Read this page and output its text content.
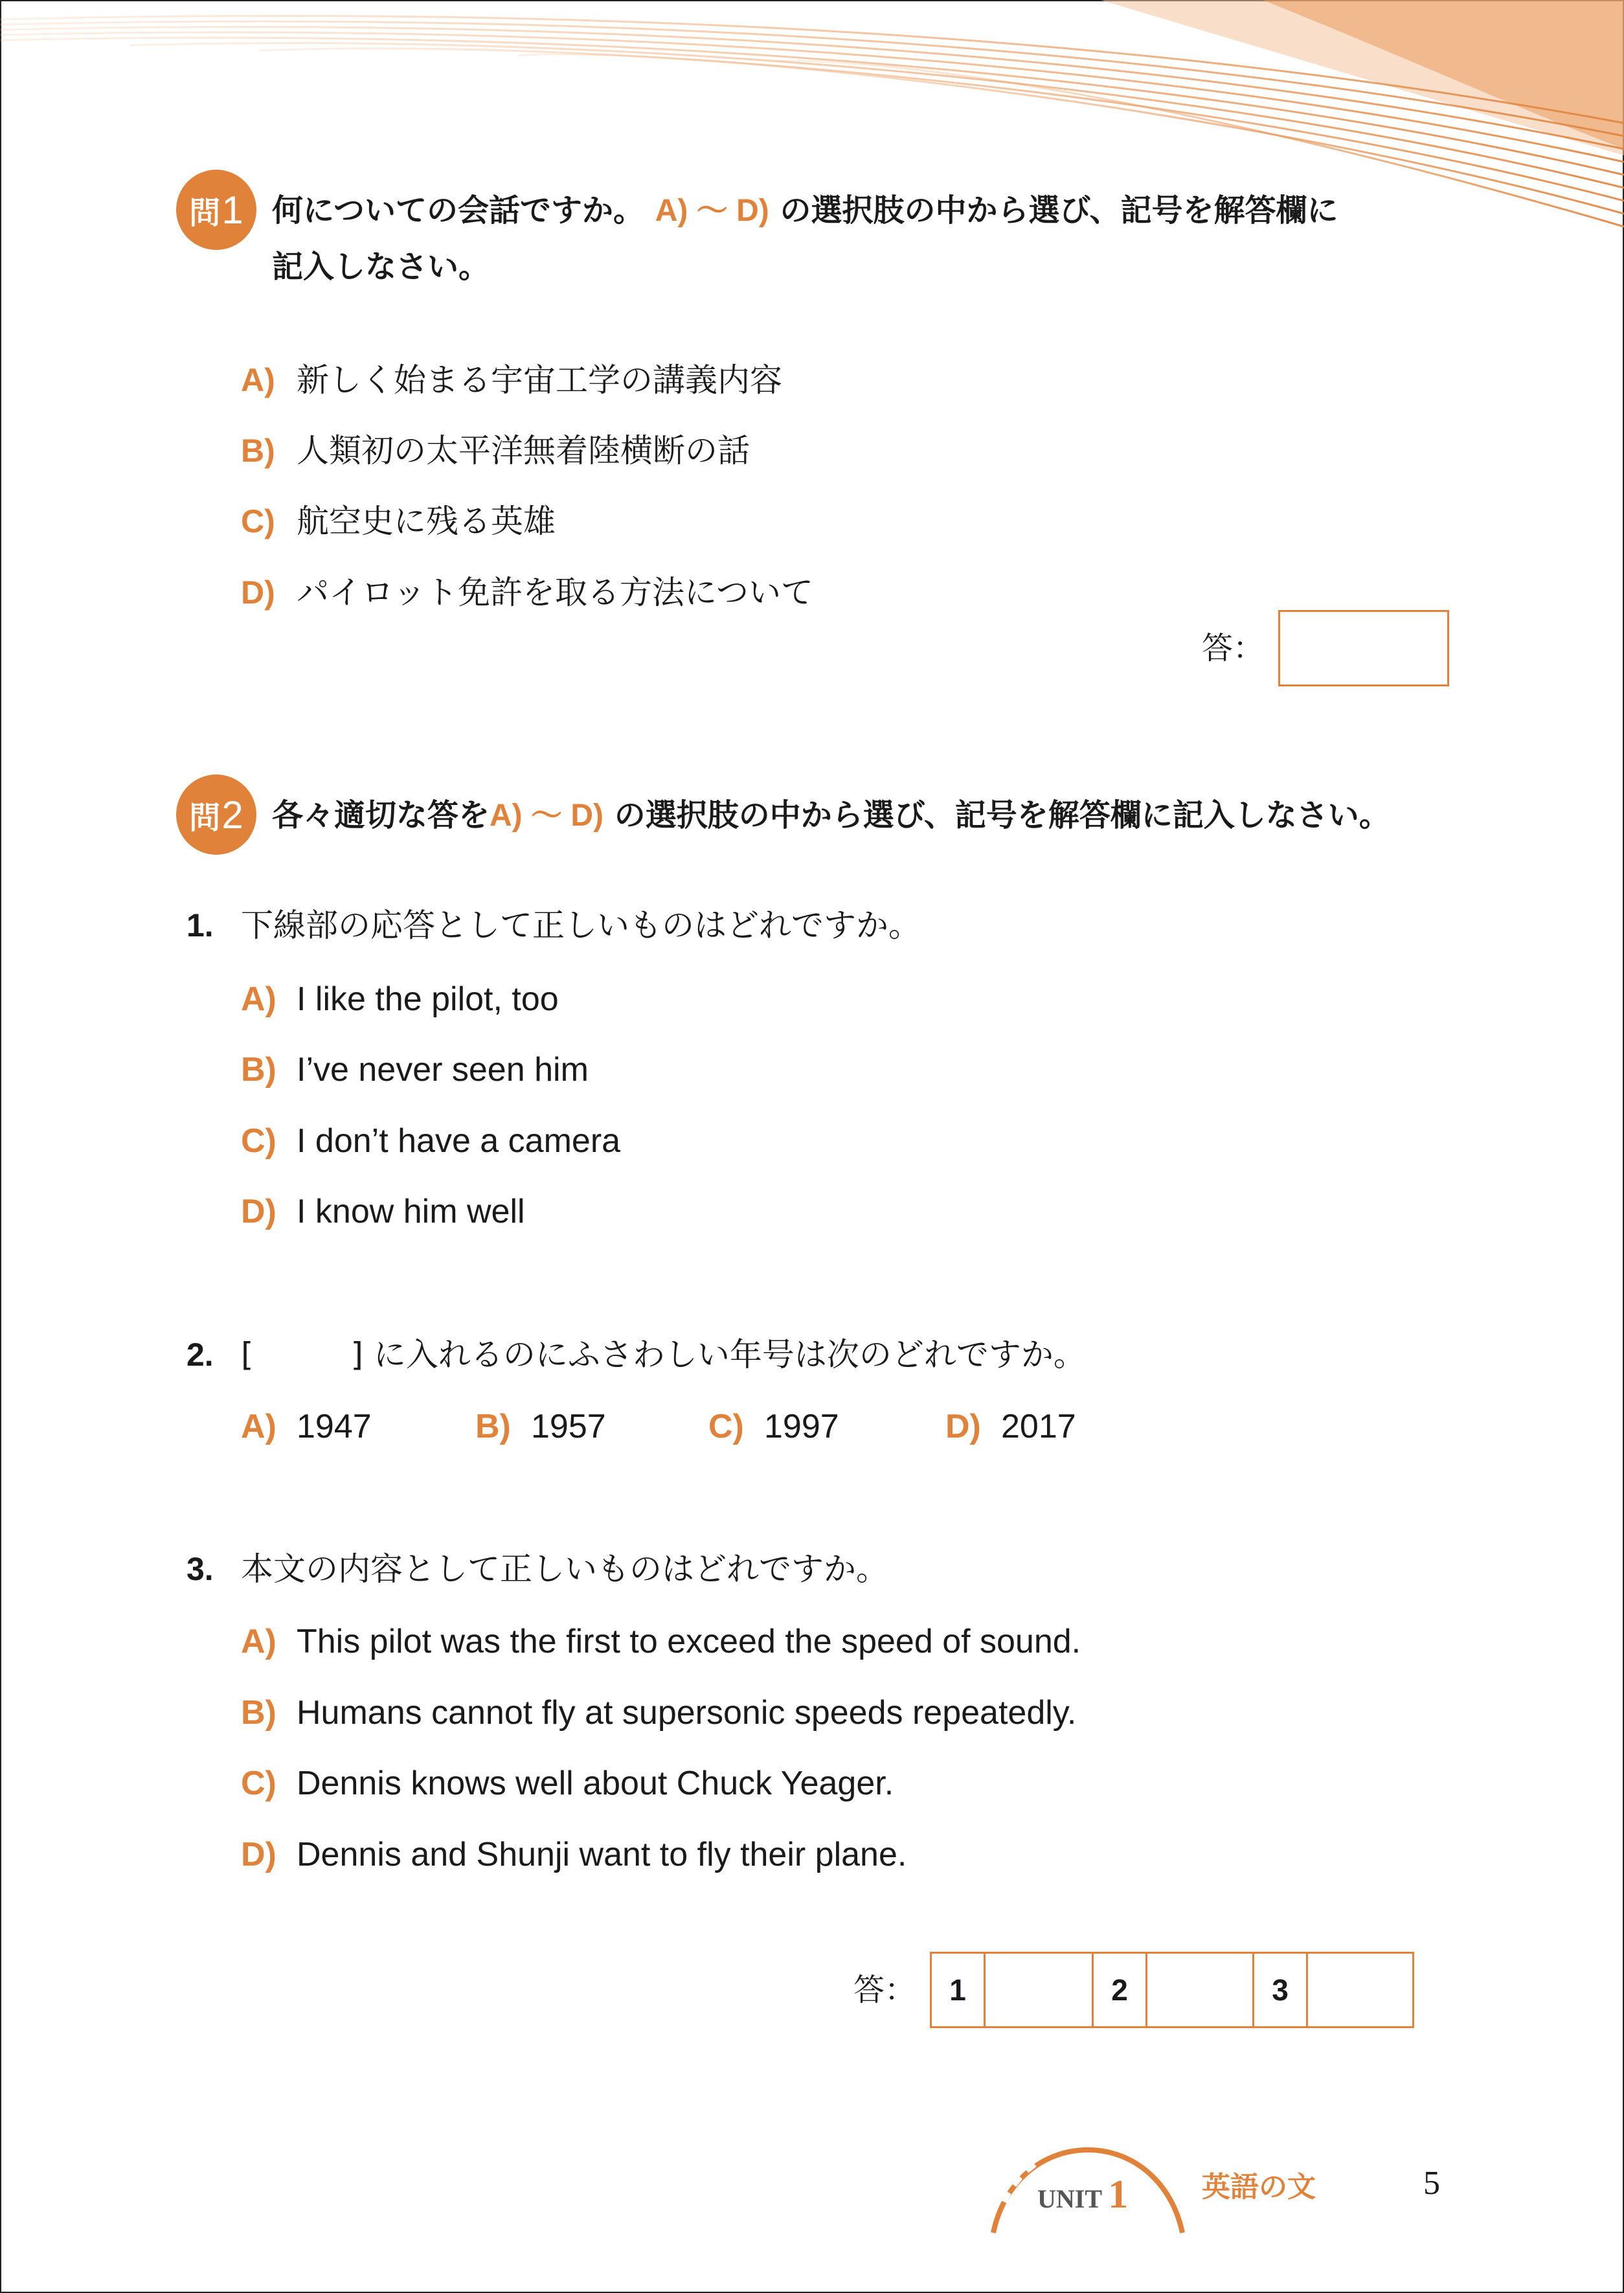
問 1 何についての会話ですか。 A) 〜 D) の選択肢の中から選び、記号を解答欄に
記入しなさい。
A) 新しく始まる宇宙工学の講義内容
B) 人類初の太平洋無着陸横断の話
C) 航空史に残る英雄
D) パイロット免許を取る方法について
答：
問 2 各々適切な答をA) 〜 D) の選択肢の中から選び、記号を解答欄に記入しなさい。
1. 下線部の応答として正しいものはどれですか。
A) I like the pilot, too
B) I’ve never seen him
C) I don’t have a camera
D) I know him well
2. [	] に入れるのにふさわしい年号は次のどれですか。
A) 1947	B) 1957	C) 1997	D) 2017
3. 本文の内容として正しいものはどれですか。
A) This pilot was the first to exceed the speed of sound.
B) Humans cannot fly at supersonic speeds repeatedly.
C) Dennis knows well about Chuck Yeager.
D) Dennis and Shunji want to fly their plane.
答：	1	2	3
UNIT 1	英語の文	5
